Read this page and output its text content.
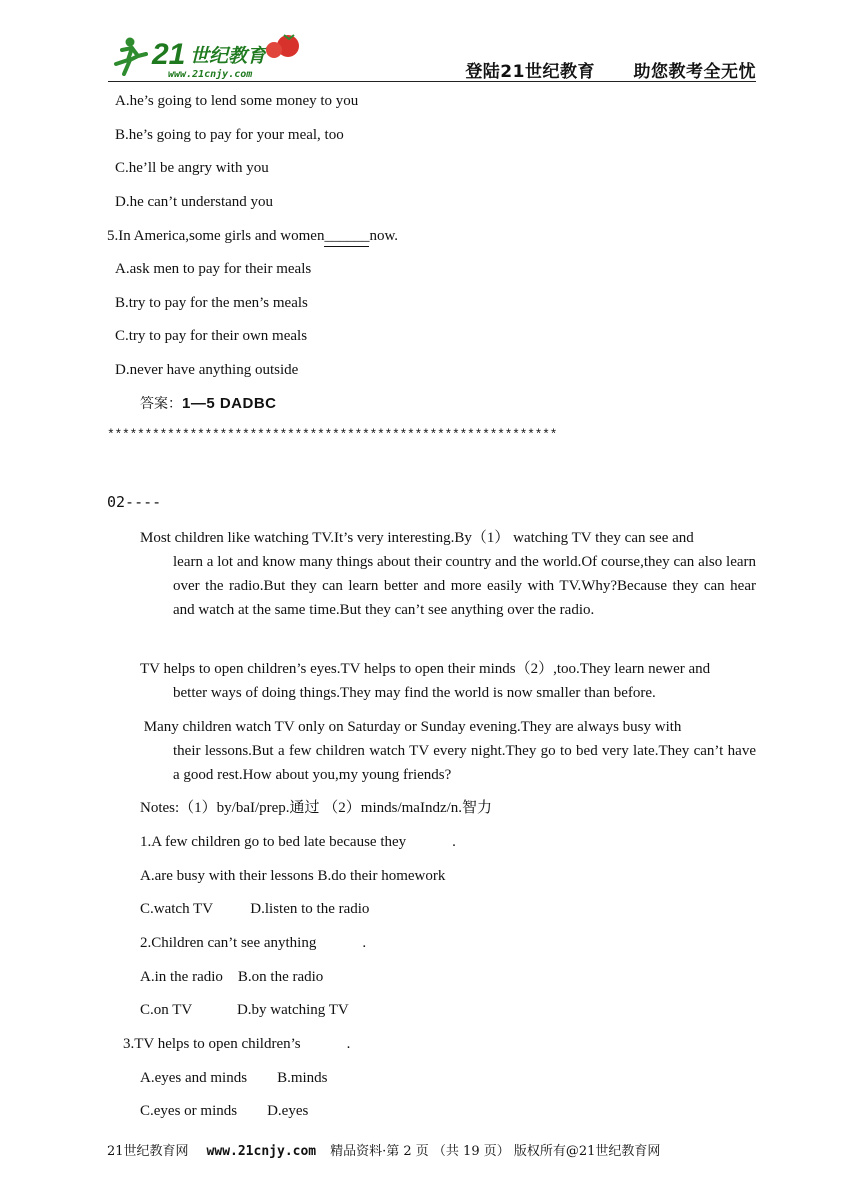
21 世纪教育
www.21cnjy.com	登陆21世纪教育 助您教考全无忧
A.he’s going to lend some money to you
B.he’s going to pay for your meal, too
C.he’ll be angry with you
D.he can’t understand you
5.In America,some girls and women______now.
A.ask men to pay for their meals
B.try to pay for the men’s meals
C.try to pay for their own meals
D.never have anything outside
答案：1—5 DADBC
************************************************************
02----
Most children like watching TV.It’s very interesting.By（1） watching TV they can see and
learn a lot and know many things about their country and the world.Of course,they can also learn over the radio.But they can learn better and more easily with TV.Why?Because they can hear and watch at the same time.But they can’t see anything over the radio.
TV helps to open children’s eyes.TV helps to open their minds（2）,too.They learn newer and
better ways of doing things.They may find the world is now smaller than before.
Many children watch TV only on Saturday or Sunday evening.They are always busy with
their lessons.But a few children watch TV every night.They go to bed very late.They can’t have a good rest.How about you,my young friends?
Notes:（1）by/baI/prep.通过 （2）minds/maIndz/n.智力
1.A few children go to bed late because they	.
A.are busy with their lessons B.do their homework
C.watch TV          D.listen to the radio
2.Children can’t see anything	.
A.in the radio    B.on the radio
C.on TV            D.by watching TV
3.TV helps to open children’s	.
A.eyes and minds        B.minds
C.eyes or minds        D.eyes
21世纪教育网 www.21cnjy.com 精品资料·第 2 页 （共 19 页） 版权所有@21世纪教育网
